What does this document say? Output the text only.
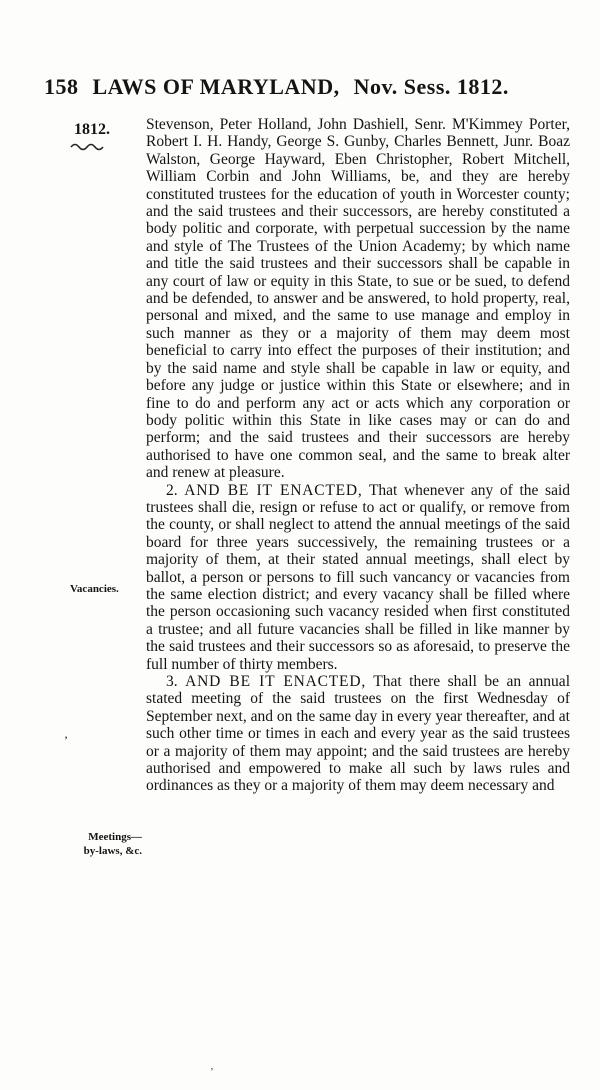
158 LAWS OF MARYLAND, Nov. Sess. 1812.
1812. Stevenson, Peter Holland, John Dashiell, Senr. M'Kimmey Porter, Robert I. H. Handy, George S. Gunby, Charles Bennett, Junr. Boaz Walston, George Hayward, Eben Christopher, Robert Mitchell, William Corbin and John Williams, be, and they are hereby constituted trustees for the education of youth in Worcester county; and the said trustees and their successors, are hereby constituted a body politic and corporate, with perpetual succession by the name and style of The Trustees of the Union Academy; by which name and title the said trustees and their successors shall be capable in any court of law or equity in this State, to sue or be sued, to defend and be defended, to answer and be answered, to hold property, real, personal and mixed, and the same to use manage and employ in such manner as they or a majority of them may deem most beneficial to carry into effect the purposes of their institution; and by the said name and style shall be capable in law or equity, and before any judge or justice within this State or elsewhere; and in fine to do and perform any act or acts which any corporation or body politic within this State in like cases may or can do and perform; and the said trustees and their successors are hereby authorised to have one common seal, and the same to break alter and renew at pleasure.

2. AND BE IT ENACTED, That whenever any of the said trustees shall die, resign or refuse to act or qualify, or remove from the county, or shall neglect to attend the annual meetings of the said board for three years successively, the remaining trustees or a majority of them, at their stated annual meetings, shall elect by ballot, a person or persons to fill such vancancy or vacancies from the same election district; and every vacancy shall be filled where the person occasioning such vacancy resided when first constituted a trustee; and all future vacancies shall be filled in like manner by the said trustees and their successors so as aforesaid, to preserve the full number of thirty members.

3. AND BE IT ENACTED, That there shall be an annual stated meeting of the said trustees on the first Wednesday of September next, and on the same day in every year thereafter, and at such other time or times in each and every year as the said trustees or a majority of them may appoint; and the said trustees are hereby authorised and empowered to make all such by laws rules and ordinances as they or a majority of them may deem necessary and

Vacancies.
Meetings—
by-laws, &c.
’
’
